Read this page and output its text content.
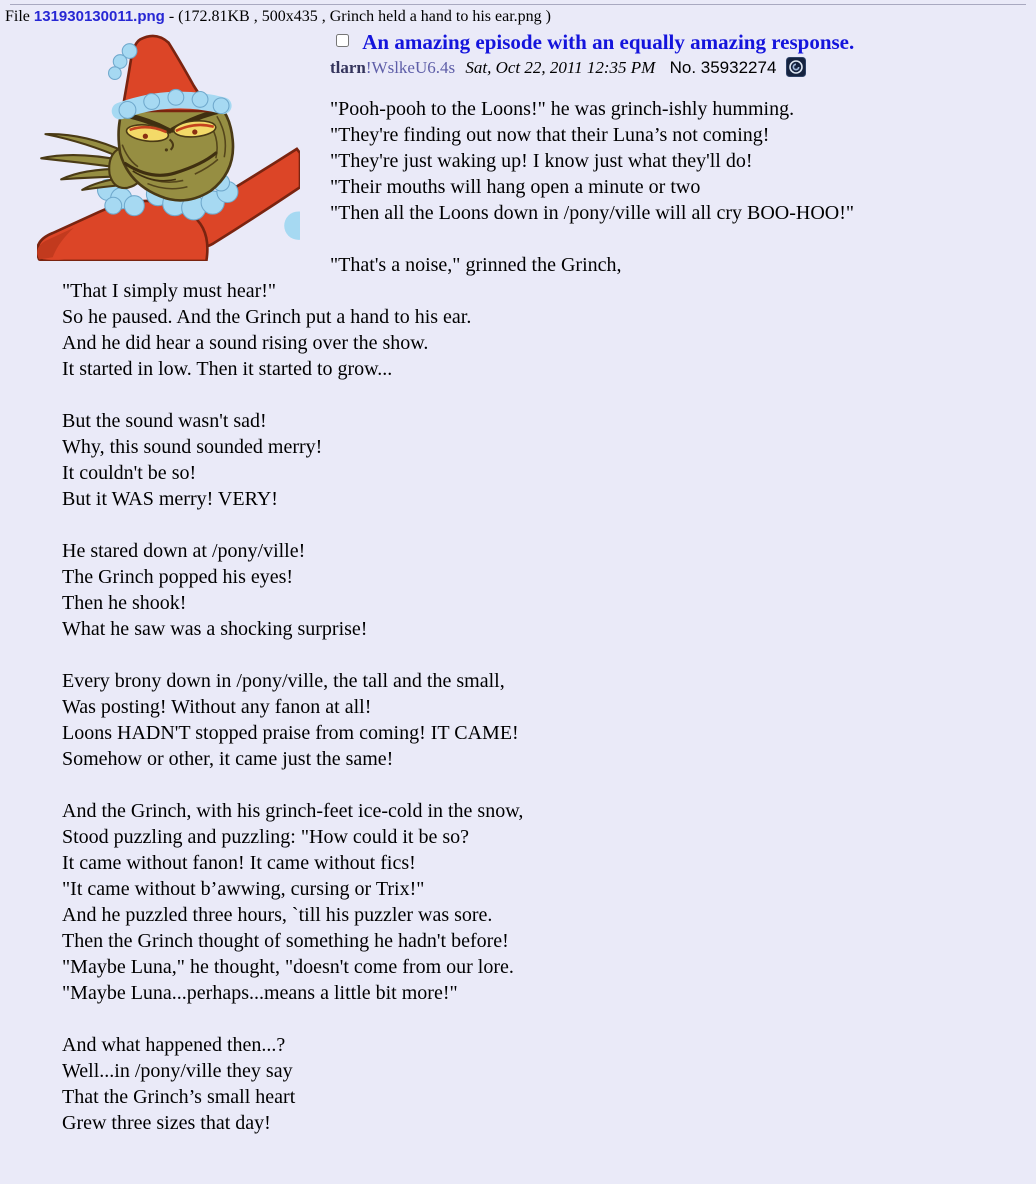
File 131930130011.png - (172.81KB , 500x435 , Grinch held a hand to his ear.png )
An amazing episode with an equally amazing response.
tlarn!WslkeU6.4s Sat, Oct 22, 2011 12:35 PM No. 35932274
"Pooh-pooh to the Loons!" he was grinch-ishly humming.
"They're finding out now that their Luna’s not coming!
"They're just waking up! I know just what they'll do!
"Their mouths will hang open a minute or two
"Then all the Loons down in /pony/ville will all cry BOO-HOO!"

"That's a noise," grinned the Grinch,
"That I simply must hear!"
So he paused. And the Grinch put a hand to his ear.
And he did hear a sound rising over the show.
It started in low. Then it started to grow...

But the sound wasn't sad!
Why, this sound sounded merry!
It couldn't be so!
But it WAS merry! VERY!

He stared down at /pony/ville!
The Grinch popped his eyes!
Then he shook!
What he saw was a shocking surprise!

Every brony down in /pony/ville, the tall and the small,
Was posting! Without any fanon at all!
Loons HADN'T stopped praise from coming! IT CAME!
Somehow or other, it came just the same!

And the Grinch, with his grinch-feet ice-cold in the snow,
Stood puzzling and puzzling: "How could it be so?
It came without fanon! It came without fics!
"It came without b’awwing, cursing or Trix!"
And he puzzled three hours, `till his puzzler was sore.
Then the Grinch thought of something he hadn't before!
"Maybe Luna," he thought, "doesn't come from our lore.
"Maybe Luna...perhaps...means a little bit more!"

And what happened then...?
Well...in /pony/ville they say
That the Grinch’s small heart
Grew three sizes that day!
